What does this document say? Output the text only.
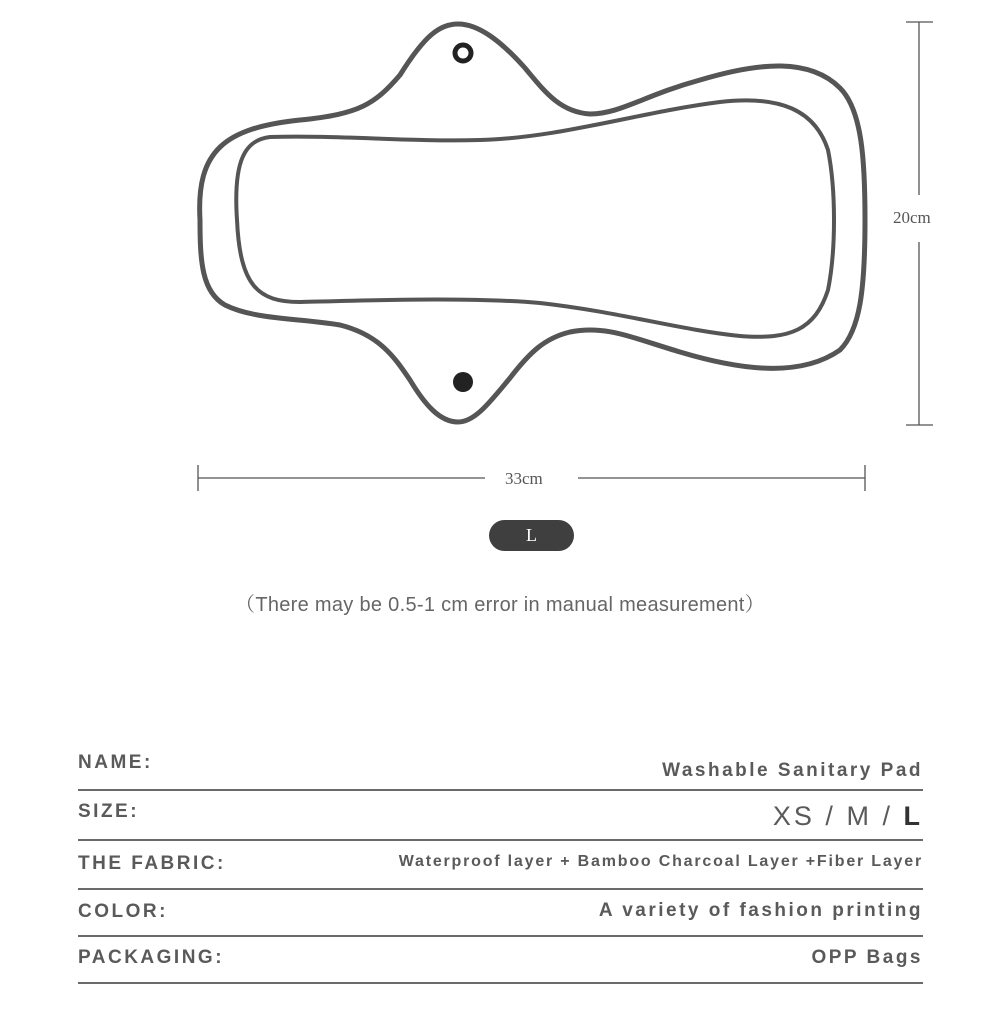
20cm
33cm
L
（There may be 0.5-1 cm error in manual measurement）
NAME:	Washable Sanitary Pad
SIZE:	XS / M / L
THE FABRIC:	Waterproof layer + Bamboo Charcoal Layer +Fiber Layer
COLOR:	A variety of fashion printing
PACKAGING:	OPP Bags
